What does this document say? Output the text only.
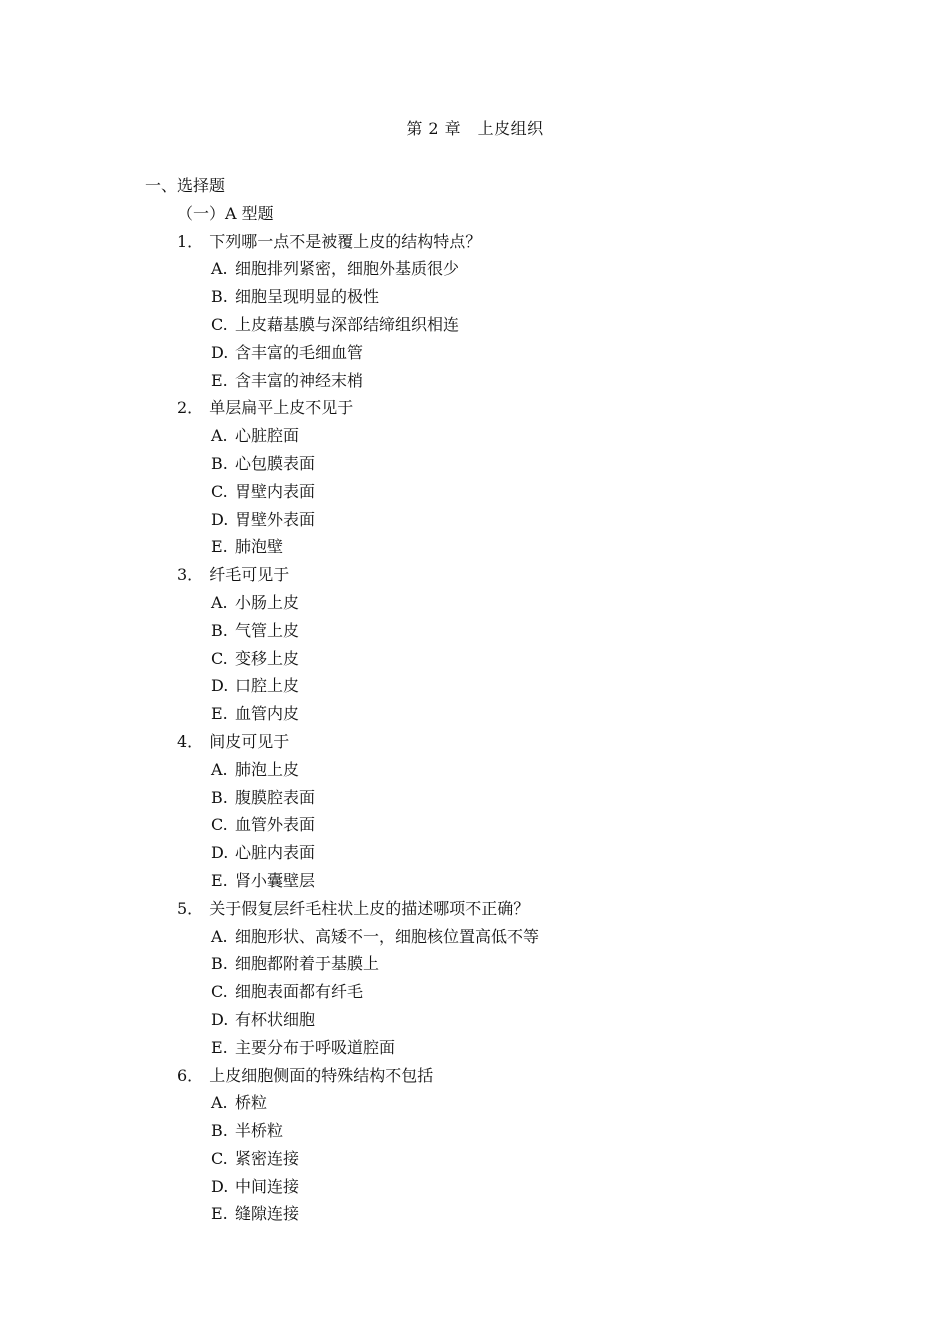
第 2 章　上皮组织
一、选择题
（一）A 型题
1． 下列哪一点不是被覆上皮的结构特点？
A. 细胞排列紧密，细胞外基质很少
B. 细胞呈现明显的极性
C. 上皮藉基膜与深部结缔组织相连
D. 含丰富的毛细血管
E. 含丰富的神经末梢
2． 单层扁平上皮不见于
A. 心脏腔面
B. 心包膜表面
C. 胃壁内表面
D. 胃壁外表面
E. 肺泡壁
3． 纤毛可见于
A. 小肠上皮
B. 气管上皮
C. 变移上皮
D. 口腔上皮
E. 血管内皮
4． 间皮可见于
A. 肺泡上皮
B. 腹膜腔表面
C. 血管外表面
D. 心脏内表面
E. 肾小囊壁层
5． 关于假复层纤毛柱状上皮的描述哪项不正确？
A. 细胞形状、高矮不一，细胞核位置高低不等
B. 细胞都附着于基膜上
C. 细胞表面都有纤毛
D. 有杯状细胞
E. 主要分布于呼吸道腔面
6． 上皮细胞侧面的特殊结构不包括
A. 桥粒
B. 半桥粒
C. 紧密连接
D. 中间连接
E. 缝隙连接
